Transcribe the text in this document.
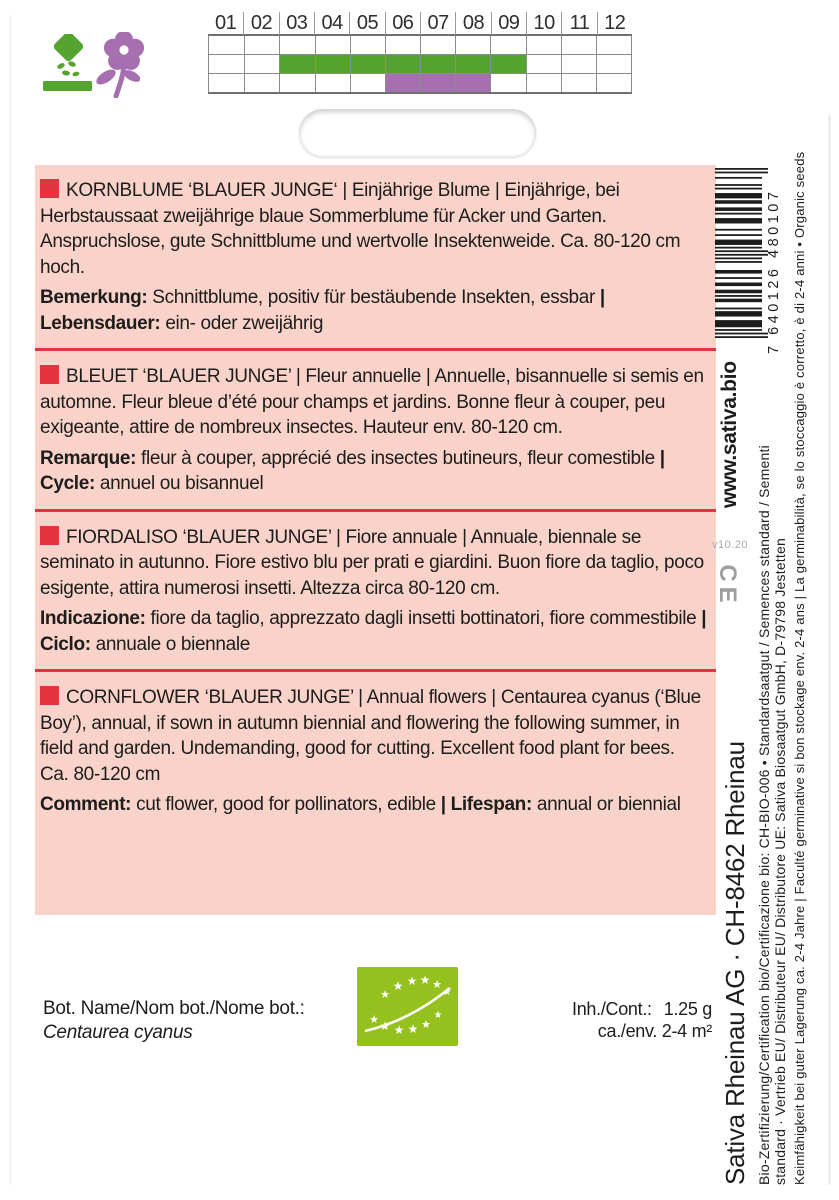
01 02 03 04 05 06 07 08 09 10 11 12

KORNBLUME ‘BLAUER JUNGE‘ | Einjährige Blume | Einjährige, bei Herbstaussaat zweijährige blaue Sommerblume für Acker und Garten. Anspruchslose, gute Schnittblume und wertvolle Insektenweide. Ca. 80-120 cm hoch.

Bemerkung: Schnittblume, positiv für bestäubende Insekten, essbar | Lebensdauer: ein- oder zweijährig

BLEUET ‘BLAUER JUNGE’ | Fleur annuelle | Annuelle, bisannuelle si semis en automne. Fleur bleue d’été pour champs et jardins. Bonne fleur à couper, peu exigeante, attire de nombreux insectes. Hauteur env. 80-120 cm.

Remarque: fleur à couper, apprécié des insectes butineurs, fleur comestible | Cycle: annuel ou bisannuel

FIORDALISO ‘BLAUER JUNGE’ | Fiore annuale | Annuale, biennale se seminato in autunno. Fiore estivo blu per prati e giardini. Buon fiore da taglio, poco esigente, attira numerosi insetti. Altezza circa 80-120 cm.

Indicazione: fiore da taglio, apprezzato dagli insetti bottinatori, fiore commestibile | Ciclo: annuale o biennale

CORNFLOWER ‘BLAUER JUNGE’ | Annual flowers | Centaurea cyanus (‘Blue Boy’), annual, if sown in autumn biennial and flowering the following summer, in field and garden. Undemanding, good for cutting. Excellent food plant for bees. Ca. 80-120 cm

Comment: cut flower, good for pollinators, edible | Lifespan: annual or biennial

Bot. Name/Nom bot./Nome bot.:
Centaurea cyanus
★
★ ★ ★ ★
★
★ ★ ★ ★ ★
★	Inh./Cont.: 1.25 g
ca./env. 2-4 m² Sativa Rheinau AG · CH-8462 Rheinau Bio-Zertifizierung/Certification bio/Certificazione bio: CH-BIO-006 • Standardsaatgut / Semences standard / Sementi standard · Vertrieb EU/ Distributeur EU/ Distributore UE: Sativa Biosaatgut GmbH, D-79798 Jestetten Keimfähigkeit bei guter Lagerung ca. 2-4 Jahre | Faculté germinative si bon stockage env. 2-4 ans | La germinabilità, se lo stoccaggio è corretto, è di 2-4 anni • Organic seeds
www.sativa.bio
7 640126 480107
v10.20
CE
